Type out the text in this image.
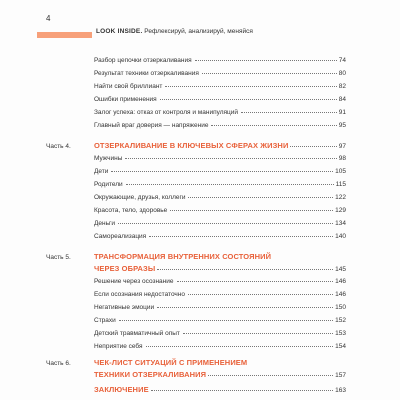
4
LOOK INSIDE. Рефлексируй, анализируй, меняйся
Разбор цепочки отзеркаливания	74
Результат техники отзеркаливания	80
Найти свой бриллиант	82
Ошибки применения	84
Залог успеха: отказ от контроля и манипуляций	91
Главный враг доверия — напряжение	95
Часть 4.	ОТЗЕРКАЛИВАНИЕ В КЛЮЧЕВЫХ СФЕРАХ ЖИЗНИ	97
Мужчины	98
Дети	105
Родители	115
Окружающие, друзья, коллеги	122
Красота, тело, здоровье	129
Деньги	134
Самореализация	140
Часть 5.	ТРАНСФОРМАЦИЯ ВНУТРЕННИХ СОСТОЯНИЙ
ЧЕРЕЗ ОБРАЗЫ	145
Решение через осознание	146
Если осознания недостаточно	146
Негативные эмоции	150
Страхи	152
Детский травматичный опыт	153
Неприятие себя	154
Часть 6.	ЧЕК-ЛИСТ СИТУАЦИЙ С ПРИМЕНЕНИЕМ
ТЕХНИКИ ОТЗЕРКАЛИВАНИЯ	157
ЗАКЛЮЧЕНИЕ	163
